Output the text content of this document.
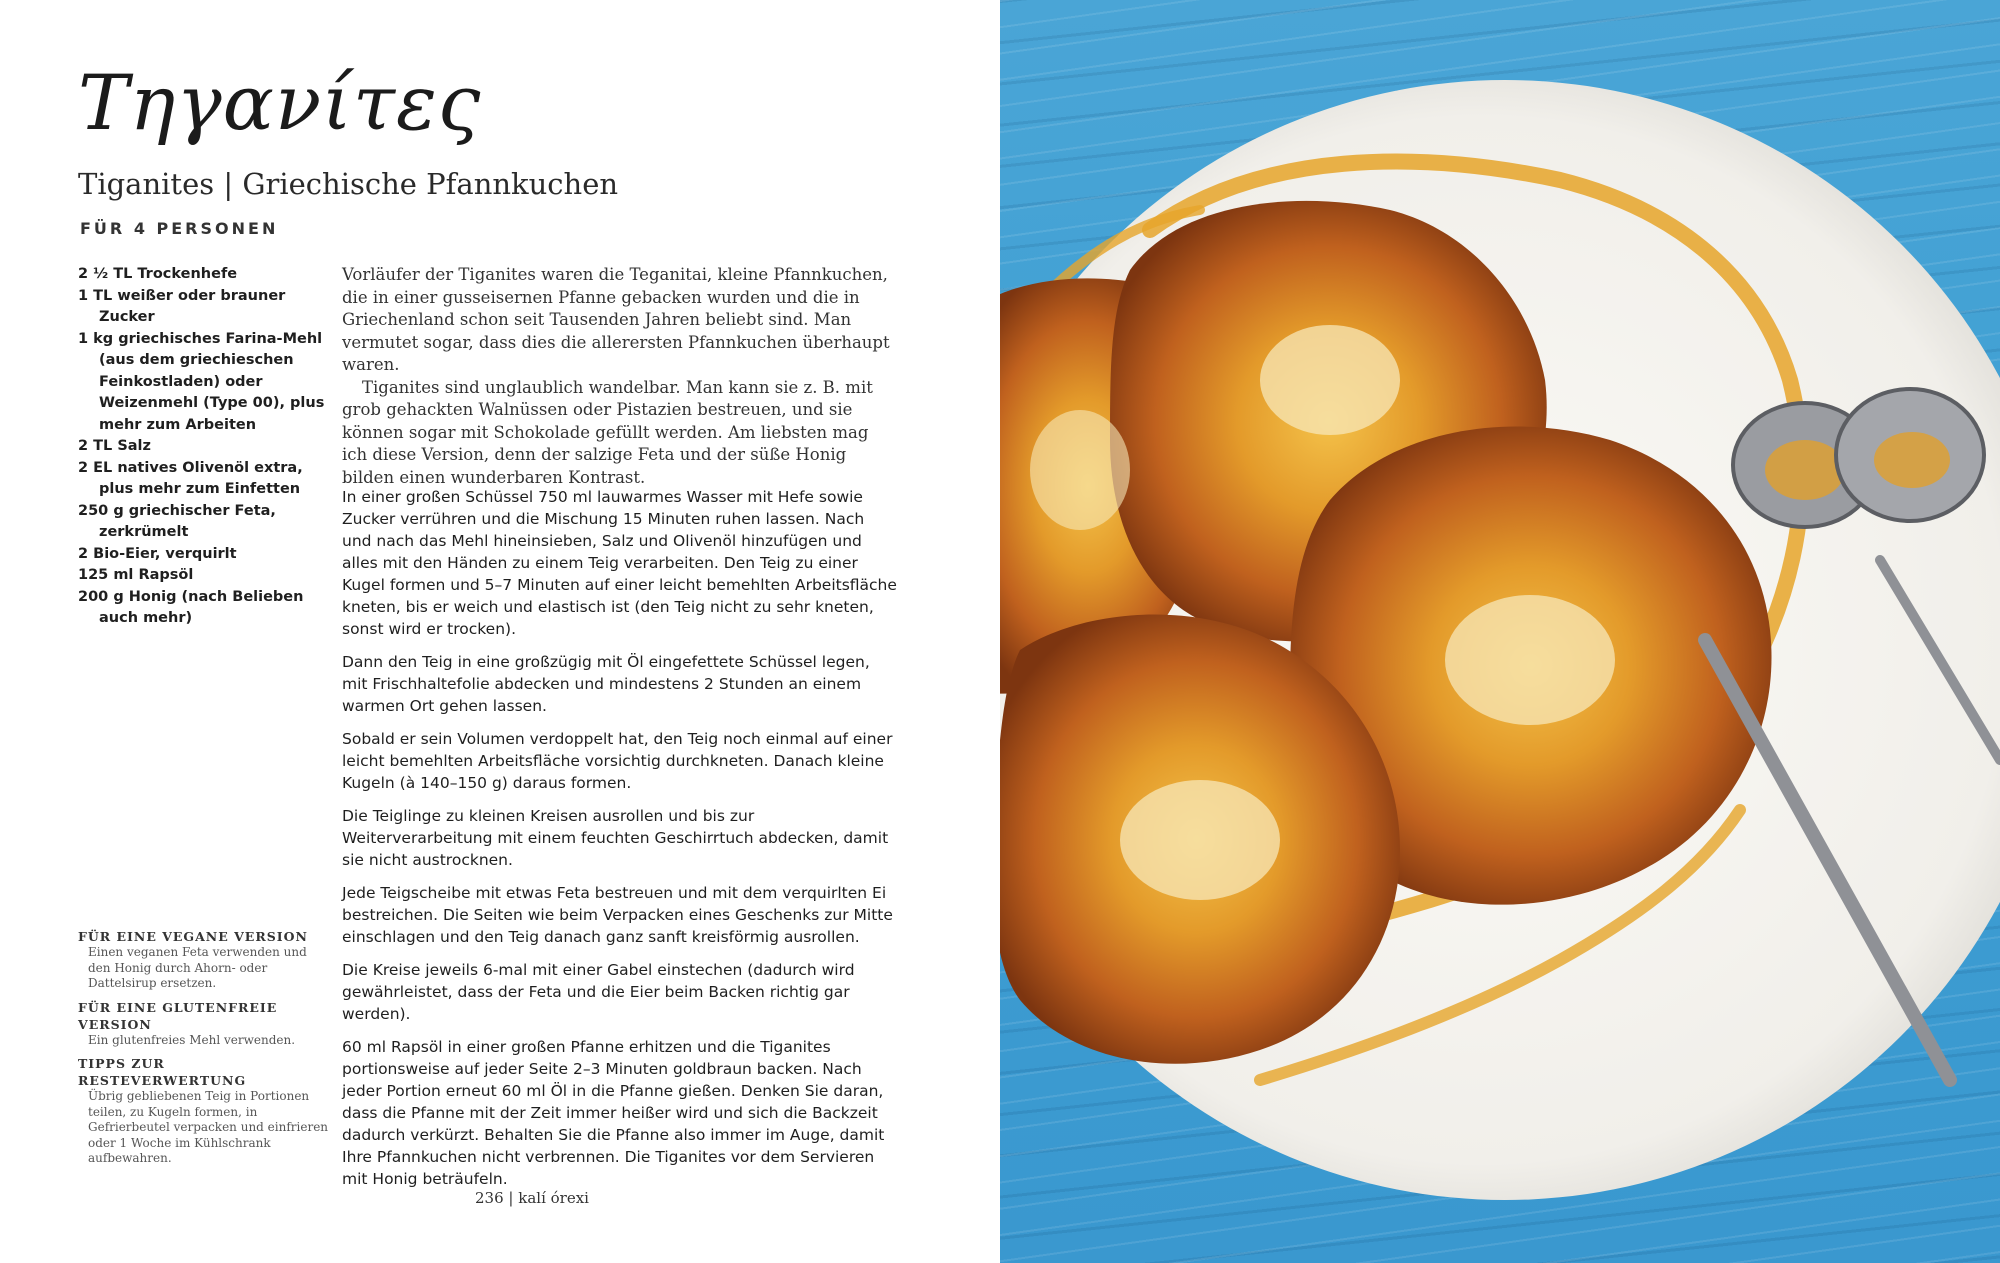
Τηγανίτες
Tiganites | Griechische Pfannkuchen
FÜR 4 PERSONEN
2 ½ TL Trockenhefe
1 TL weißer oder brauner Zucker
1 kg griechisches Farina-Mehl (aus dem griechieschen Feinkostladen) oder Weizenmehl (Type 00), plus mehr zum Arbeiten
2 TL Salz
2 EL natives Olivenöl extra, plus mehr zum Einfetten
250 g griechischer Feta, zerkrümelt
2 Bio-Eier, verquirlt
125 ml Rapsöl
200 g Honig (nach Belieben auch mehr)

Vorläufer der Tiganites waren die Teganitai, kleine Pfannkuchen, die in einer gusseisernen Pfanne gebacken wurden und die in Griechenland schon seit Tausenden Jahren beliebt sind. Man vermutet sogar, dass dies die allerersten Pfannkuchen überhaupt waren.

Tiganites sind unglaublich wandelbar. Man kann sie z. B. mit grob gehackten Walnüssen oder Pistazien bestreuen, und sie können sogar mit Schokolade gefüllt werden. Am liebsten mag ich diese Version, denn der salzige Feta und der süße Honig bilden einen wunderbaren Kontrast.

In einer großen Schüssel 750 ml lauwarmes Wasser mit Hefe sowie Zucker verrühren und die Mischung 15 Minuten ruhen lassen. Nach und nach das Mehl hineinsieben, Salz und Olivenöl hinzufügen und alles mit den Händen zu einem Teig verarbeiten. Den Teig zu einer Kugel formen und 5–7 Minuten auf einer leicht bemehlten Arbeitsfläche kneten, bis er weich und elastisch ist (den Teig nicht zu sehr kneten, sonst wird er trocken).

Dann den Teig in eine großzügig mit Öl eingefettete Schüssel legen, mit Frischhaltefolie abdecken und mindestens 2 Stunden an einem warmen Ort gehen lassen.

Sobald er sein Volumen verdoppelt hat, den Teig noch einmal auf einer leicht bemehlten Arbeitsfläche vorsichtig durchkneten. Danach kleine Kugeln (à 140–150 g) daraus formen.

Die Teiglinge zu kleinen Kreisen ausrollen und bis zur Weiterverarbeitung mit einem feuchten Geschirrtuch abdecken, damit sie nicht austrocknen.

Jede Teigscheibe mit etwas Feta bestreuen und mit dem verquirlten Ei bestreichen. Die Seiten wie beim Verpacken eines Geschenks zur Mitte einschlagen und den Teig danach ganz sanft kreisförmig ausrollen.

Die Kreise jeweils 6-mal mit einer Gabel einstechen (dadurch wird gewährleistet, dass der Feta und die Eier beim Backen richtig gar werden).

60 ml Rapsöl in einer großen Pfanne erhitzen und die Tiganites portionsweise auf jeder Seite 2–3 Minuten goldbraun backen. Nach jeder Portion erneut 60 ml Öl in die Pfanne gießen. Denken Sie daran, dass die Pfanne mit der Zeit immer heißer wird und sich die Backzeit dadurch verkürzt. Behalten Sie die Pfanne also immer im Auge, damit Ihre Pfannkuchen nicht verbrennen. Die Tiganites vor dem Servieren mit Honig beträufeln.

FÜR EINE VEGANE VERSION
Einen veganen Feta verwenden und den Honig durch Ahorn- oder Dattelsirup ersetzen.
FÜR EINE GLUTENFREIE VERSION
Ein glutenfreies Mehl verwenden.
TIPPS ZUR RESTEVERWERTUNG
Übrig gebliebenen Teig in Portionen teilen, zu Kugeln formen, in Gefrierbeutel verpacken und einfrieren oder 1 Woche im Kühlschrank aufbewahren.
236 | kalí órexi
